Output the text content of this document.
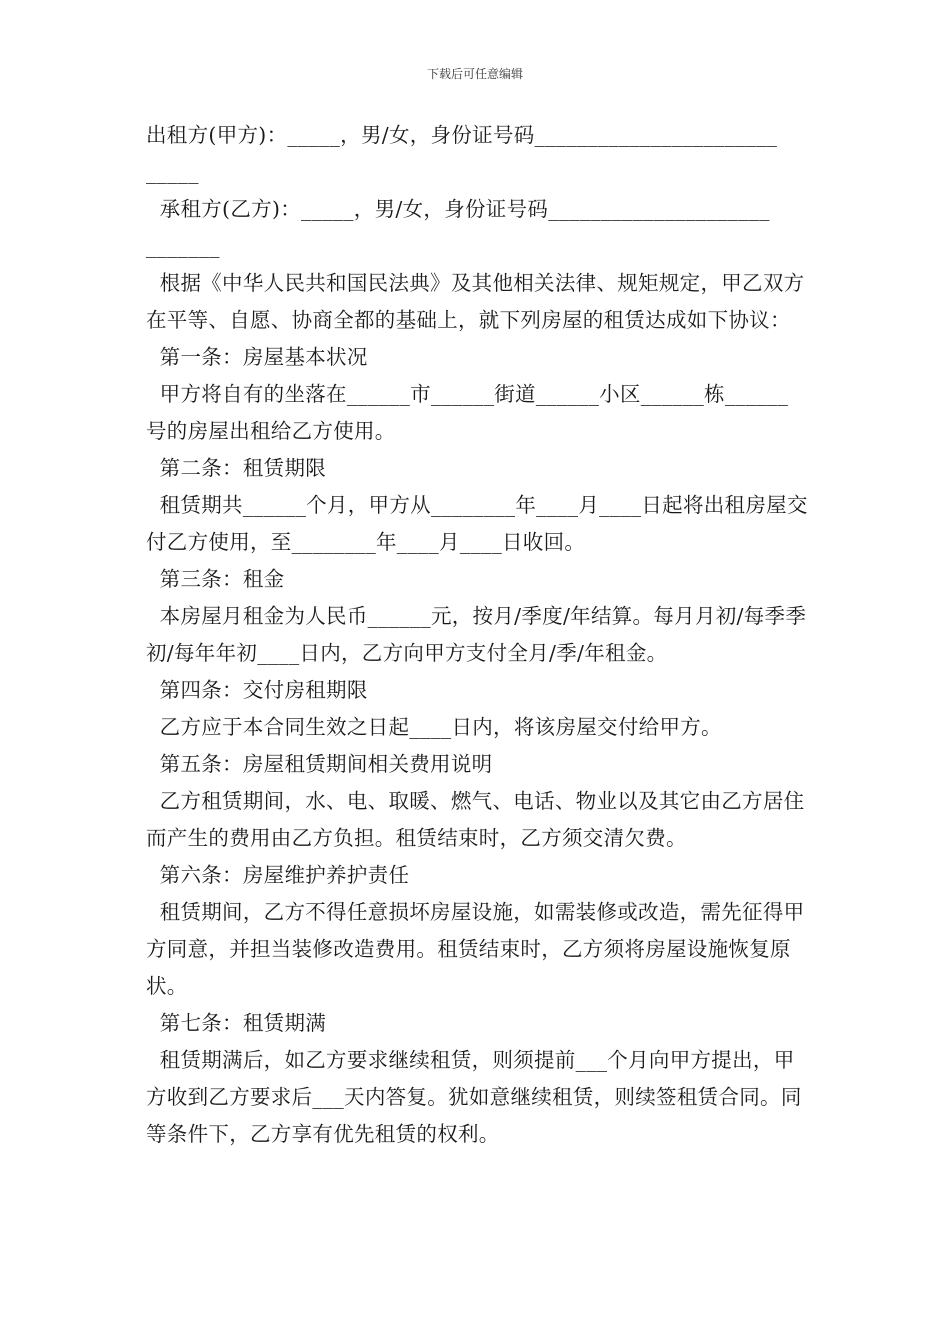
下载后可任意编辑

出租方(甲方)：_____，男/女，身份证号码_______________________

_____

承租方(乙方)：_____，男/女，身份证号码_____________________

_______

根据《中华人民共和国民法典》及其他相关法律、规矩规定，甲乙双方在平等、自愿、协商全都的基础上，就下列房屋的租赁达成如下协议：

第一条：房屋基本状况

甲方将自有的坐落在______市______街道______小区______栋______号的房屋出租给乙方使用。

第二条：租赁期限

租赁期共______个月，甲方从________年____月____日起将出租房屋交付乙方使用，至________年____月____日收回。

第三条：租金

本房屋月租金为人民币______元，按月/季度/年结算。每月月初/每季季初/每年年初____日内，乙方向甲方支付全月/季/年租金。

第四条：交付房租期限

乙方应于本合同生效之日起____日内，将该房屋交付给甲方。

第五条：房屋租赁期间相关费用说明

乙方租赁期间，水、电、取暖、燃气、电话、物业以及其它由乙方居住而产生的费用由乙方负担。租赁结束时，乙方须交清欠费。

第六条：房屋维护养护责任

租赁期间，乙方不得任意损坏房屋设施，如需装修或改造，需先征得甲方同意，并担当装修改造费用。租赁结束时，乙方须将房屋设施恢复原状。

第七条：租赁期满

租赁期满后，如乙方要求继续租赁，则须提前___个月向甲方提出，甲方收到乙方要求后___天内答复。犹如意继续租赁，则续签租赁合同。同等条件下，乙方享有优先租赁的权利。
